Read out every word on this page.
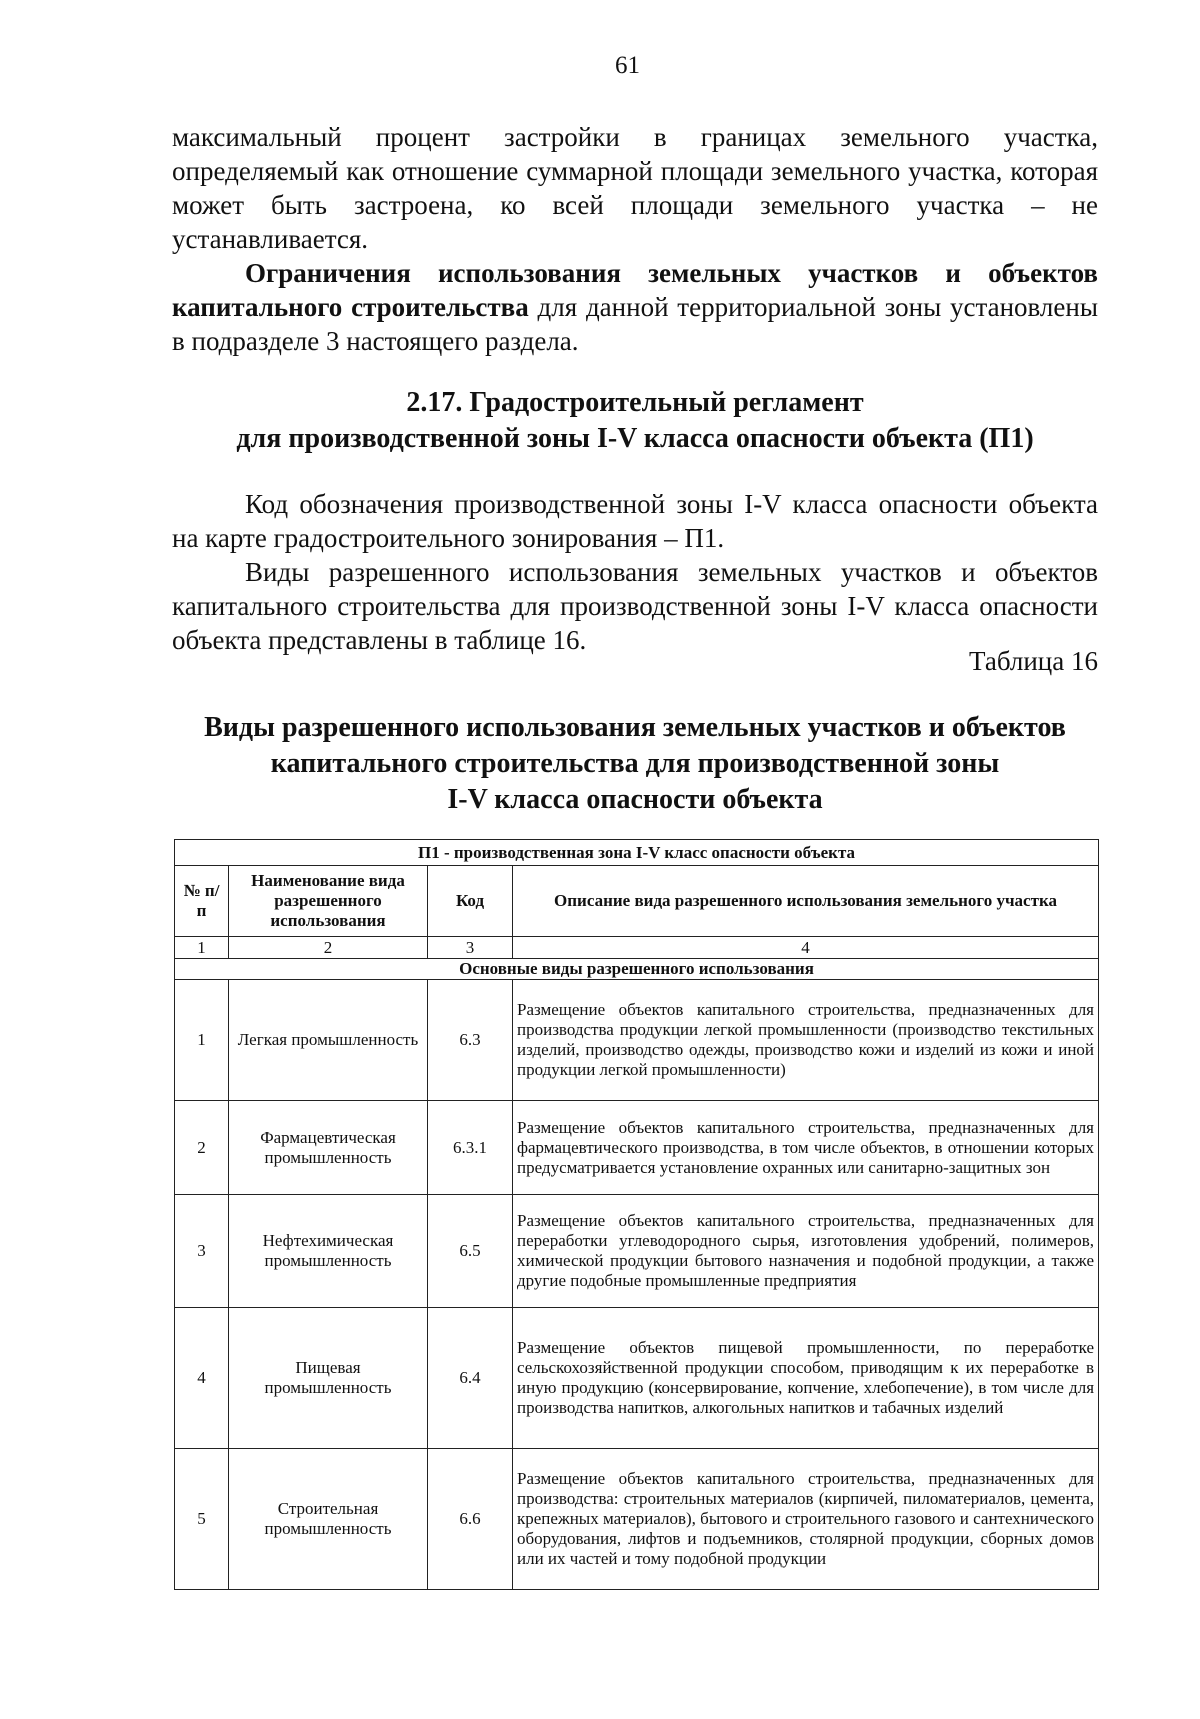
61

максимальный процент застройки в границах земельного участка, определяемый как отношение суммарной площади земельного участка, которая может быть застроена, ко всей площади земельного участка – не устанавливается.

Ограничения использования земельных участков и объектов капитального строительства для данной территориальной зоны установлены в подразделе 3 настоящего раздела.

2.17. Градостроительный регламент
для производственной зоны I-V класса опасности объекта (П1)

Код обозначения производственной зоны I-V класса опасности объекта на карте градостроительного зонирования – П1.

Виды разрешенного использования земельных участков и объектов капитального строительства для производственной зоны I-V класса опасности объекта представлены в таблице 16.

Таблица 16
Виды разрешенного использования земельных участков и объектов
капитального строительства для производственной зоны
I-V класса опасности объекта
П1 - производственная зона I-V класс опасности объекта			
№ п/п	Наименование вида разрешенного использования	Код	Описание вида разрешенного использования земельного участка
1	2	3	4
Основные виды разрешенного использования			
1	Легкая промышленность	6.3	Размещение объектов капитального строительства, предназначенных для производства продукции легкой промышленности (производство текстильных изделий, производство одежды, производство кожи и изделий из кожи и иной продукции легкой промышленности)
2	Фармацевтическая промышленность	6.3.1	Размещение объектов капитального строительства, предназначенных для фармацевтического производства, в том числе объектов, в отношении которых предусматривается установление охранных или санитарно-защитных зон
3	Нефтехимическая промышленность	6.5	Размещение объектов капитального строительства, предназначенных для переработки углеводородного сырья, изготовления удобрений, полимеров, химической продукции бытового назначения и подобной продукции, а также другие подобные промышленные предприятия
4	Пищевая промышленность	6.4	Размещение объектов пищевой промышленности, по переработке сельскохозяйственной продукции способом, приводящим к их переработке в иную продукцию (консервирование, копчение, хлебопечение), в том числе для производства напитков, алкогольных напитков и табачных изделий
5	Строительная промышленность	6.6	Размещение объектов капитального строительства, предназначенных для производства: строительных материалов (кирпичей, пиломатериалов, цемента, крепежных материалов), бытового и строительного газового и сантехнического оборудования, лифтов и подъемников, столярной продукции, сборных домов или их частей и тому подобной продукции
